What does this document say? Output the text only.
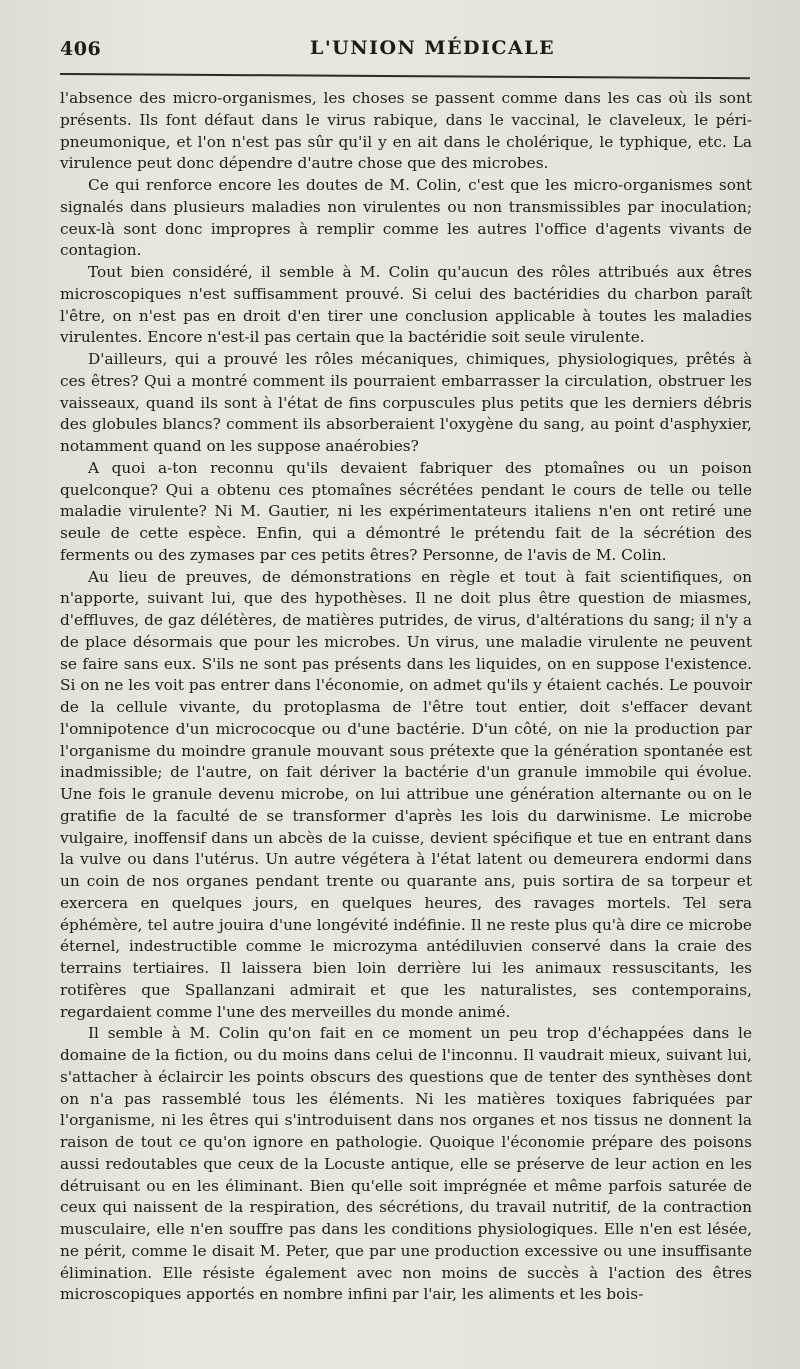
406	L'UNION MÉDICALE

l'absence des micro-organismes, les choses se passent comme dans les cas où ils sont présents. Ils font défaut dans le virus rabique, dans le vaccinal, le claveleux, le péri-pneumonique, et l'on n'est pas sûr qu'il y en ait dans le cholérique, le typhique, etc. La virulence peut donc dépendre d'autre chose que des microbes.

Ce qui renforce encore les doutes de M. Colin, c'est que les micro-organismes sont signalés dans plusieurs maladies non virulentes ou non transmissibles par inoculation; ceux-là sont donc impropres à remplir comme les autres l'office d'agents vivants de contagion.

Tout bien considéré, il semble à M. Colin qu'aucun des rôles attribués aux êtres microscopiques n'est suffisamment prouvé. Si celui des bactéridies du charbon paraît l'être, on n'est pas en droit d'en tirer une conclusion applicable à toutes les maladies virulentes. Encore n'est-il pas certain que la bactéridie soit seule virulente.

D'ailleurs, qui a prouvé les rôles mécaniques, chimiques, physiologiques, prêtés à ces êtres? Qui a montré comment ils pourraient embarrasser la circulation, obstruer les vaisseaux, quand ils sont à l'état de fins corpuscules plus petits que les derniers débris des globules blancs? comment ils absorberaient l'oxygène du sang, au point d'asphyxier, notamment quand on les suppose anaérobies?

A quoi a-ton reconnu qu'ils devaient fabriquer des ptomaînes ou un poison quelconque? Qui a obtenu ces ptomaînes sécrétées pendant le cours de telle ou telle maladie virulente? Ni M. Gautier, ni les expérimentateurs italiens n'en ont retiré une seule de cette espèce. Enfin, qui a démontré le prétendu fait de la sécrétion des ferments ou des zymases par ces petits êtres? Personne, de l'avis de M. Colin.

Au lieu de preuves, de démonstrations en règle et tout à fait scientifiques, on n'apporte, suivant lui, que des hypothèses. Il ne doit plus être question de miasmes, d'effluves, de gaz délétères, de matières putrides, de virus, d'altérations du sang; il n'y a de place désormais que pour les microbes. Un virus, une maladie virulente ne peuvent se faire sans eux. S'ils ne sont pas présents dans les liquides, on en suppose l'existence. Si on ne les voit pas entrer dans l'économie, on admet qu'ils y étaient cachés. Le pouvoir de la cellule vivante, du protoplasma de l'être tout entier, doit s'effacer devant l'omnipotence d'un micrococque ou d'une bactérie. D'un côté, on nie la production par l'organisme du moindre granule mouvant sous prétexte que la génération spontanée est inadmissible; de l'autre, on fait dériver la bactérie d'un granule immobile qui évolue. Une fois le granule devenu microbe, on lui attribue une génération alternante ou on le gratifie de la faculté de se transformer d'après les lois du darwinisme. Le microbe vulgaire, inoffensif dans un abcès de la cuisse, devient spécifique et tue en entrant dans la vulve ou dans l'utérus. Un autre végétera à l'état latent ou demeurera endormi dans un coin de nos organes pendant trente ou quarante ans, puis sortira de sa torpeur et exercera en quelques jours, en quelques heures, des ravages mortels. Tel sera éphémère, tel autre jouira d'une longévité indéfinie. Il ne reste plus qu'à dire ce microbe éternel, indestructible comme le microzyma antédiluvien conservé dans la craie des terrains tertiaires. Il laissera bien loin derrière lui les animaux ressuscitants, les rotifères que Spallanzani admirait et que les naturalistes, ses contemporains, regardaient comme l'une des merveilles du monde animé.

Il semble à M. Colin qu'on fait en ce moment un peu trop d'échappées dans le domaine de la fiction, ou du moins dans celui de l'inconnu. Il vaudrait mieux, suivant lui, s'attacher à éclaircir les points obscurs des questions que de tenter des synthèses dont on n'a pas rassemblé tous les éléments. Ni les matières toxiques fabriquées par l'organisme, ni les êtres qui s'introduisent dans nos organes et nos tissus ne donnent la raison de tout ce qu'on ignore en pathologie. Quoique l'économie prépare des poisons aussi redoutables que ceux de la Locuste antique, elle se préserve de leur action en les détruisant ou en les éliminant. Bien qu'elle soit imprégnée et même parfois saturée de ceux qui naissent de la respiration, des sécrétions, du travail nutritif, de la contraction musculaire, elle n'en souffre pas dans les conditions physiologiques. Elle n'en est lésée, ne périt, comme le disait M. Peter, que par une production excessive ou une insuffisante élimination. Elle résiste également avec non moins de succès à l'action des êtres microscopiques apportés en nombre infini par l'air, les aliments et les bois-
